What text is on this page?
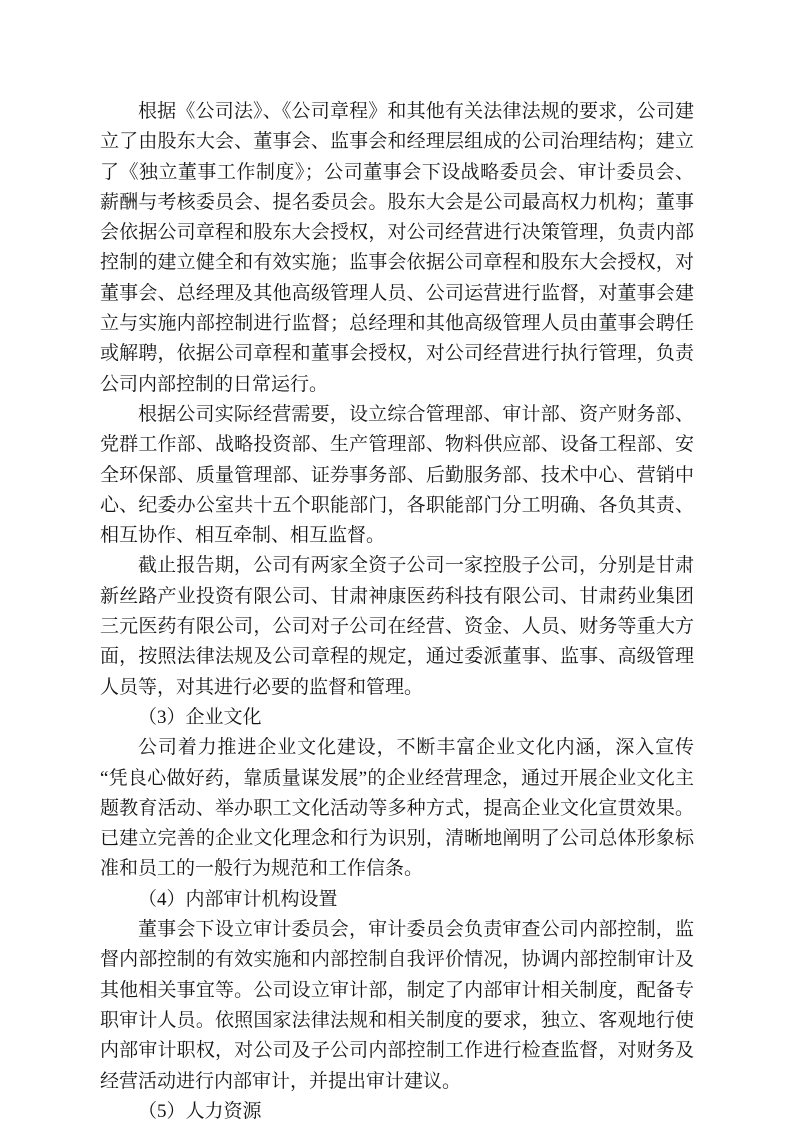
根据《公司法》、《公司章程》和其他有关法律法规的要求，公司建立了由股东大会、董事会、监事会和经理层组成的公司治理结构；建立了《独立董事工作制度》；公司董事会下设战略委员会、审计委员会、薪酬与考核委员会、提名委员会。股东大会是公司最高权力机构；董事会依据公司章程和股东大会授权，对公司经营进行决策管理，负责内部控制的建立健全和有效实施；监事会依据公司章程和股东大会授权，对董事会、总经理及其他高级管理人员、公司运营进行监督，对董事会建立与实施内部控制进行监督；总经理和其他高级管理人员由董事会聘任或解聘，依据公司章程和董事会授权，对公司经营进行执行管理，负责公司内部控制的日常运行。

根据公司实际经营需要，设立综合管理部、审计部、资产财务部、党群工作部、战略投资部、生产管理部、物料供应部、设备工程部、安全环保部、质量管理部、证券事务部、后勤服务部、技术中心、营销中心、纪委办公室共十五个职能部门，各职能部门分工明确、各负其责、相互协作、相互牵制、相互监督。

截止报告期，公司有两家全资子公司一家控股子公司，分别是甘肃新丝路产业投资有限公司、甘肃神康医药科技有限公司、甘肃药业集团三元医药有限公司，公司对子公司在经营、资金、人员、财务等重大方面，按照法律法规及公司章程的规定，通过委派董事、监事、高级管理人员等，对其进行必要的监督和管理。

（3）企业文化

公司着力推进企业文化建设，不断丰富企业文化内涵，深入宣传“凭良心做好药，靠质量谋发展”的企业经营理念，通过开展企业文化主题教育活动、举办职工文化活动等多种方式，提高企业文化宣贯效果。已建立完善的企业文化理念和行为识别，清晰地阐明了公司总体形象标准和员工的一般行为规范和工作信条。

（4）内部审计机构设置

董事会下设立审计委员会，审计委员会负责审查公司内部控制，监督内部控制的有效实施和内部控制自我评价情况，协调内部控制审计及其他相关事宜等。公司设立审计部，制定了内部审计相关制度，配备专职审计人员。依照国家法律法规和相关制度的要求，独立、客观地行使内部审计职权，对公司及子公司内部控制工作进行检查监督，对财务及经营活动进行内部审计，并提出审计建议。

（5）人力资源
